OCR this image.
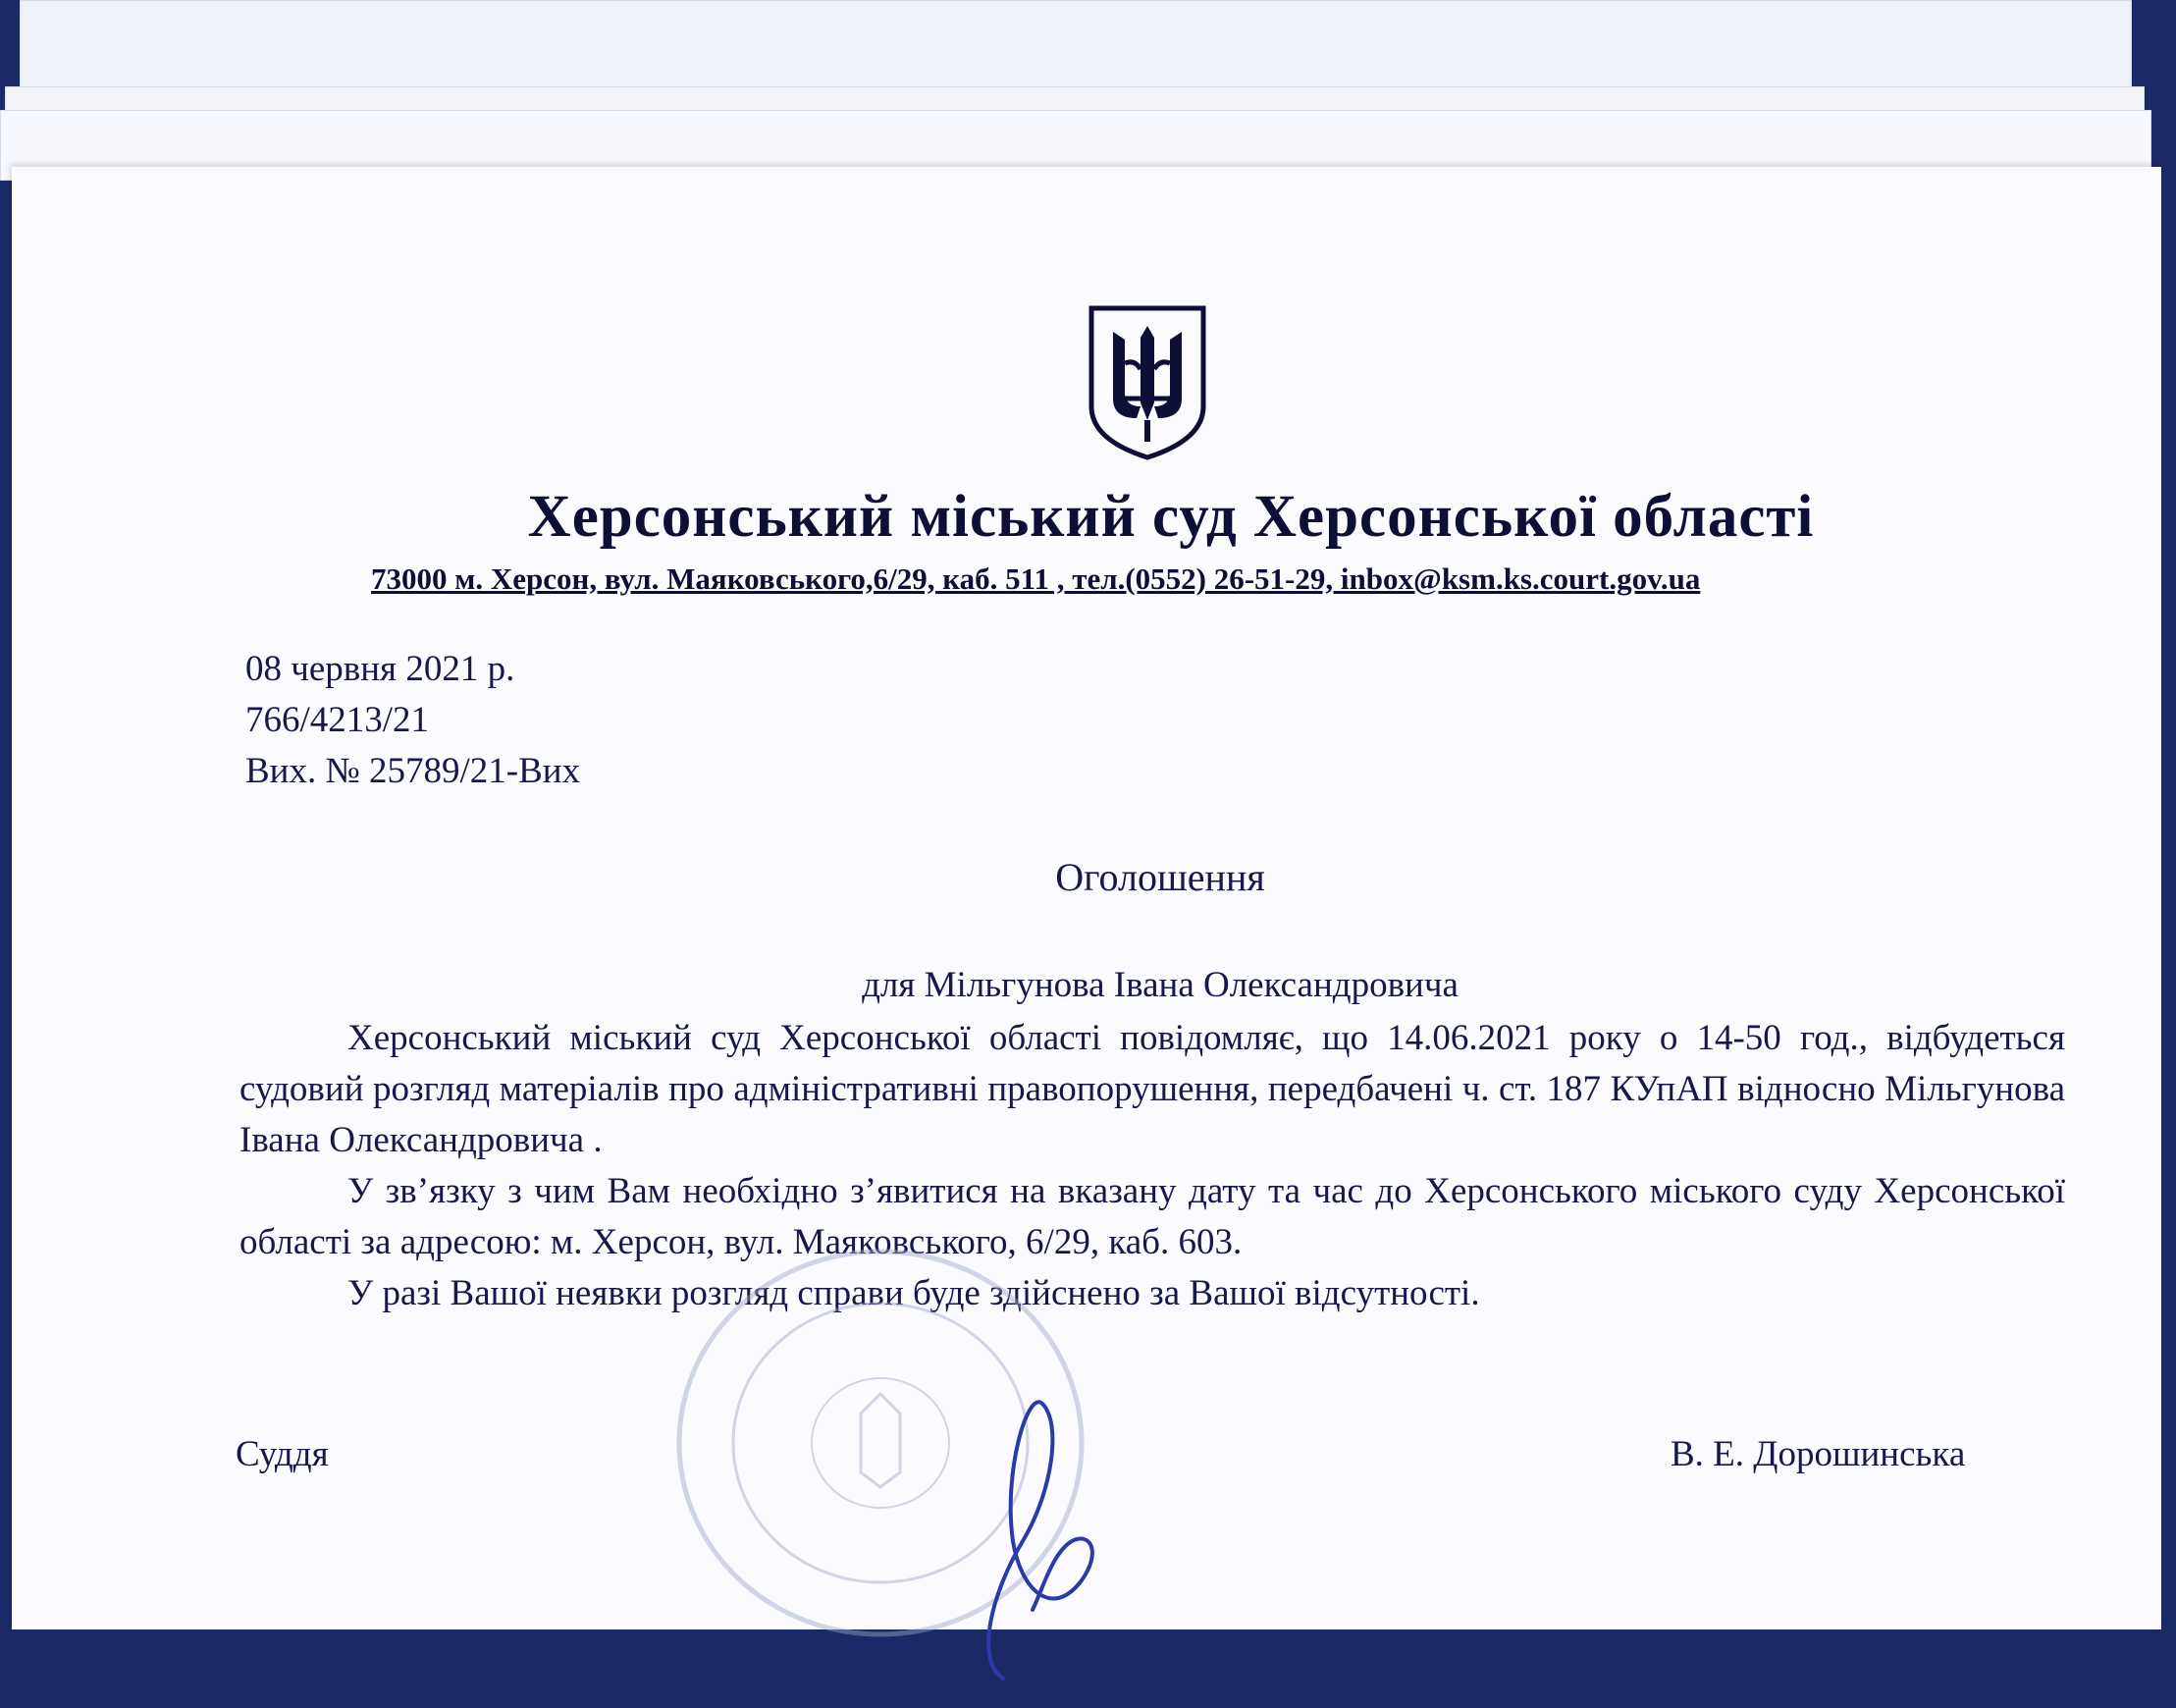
Херсонський міський суд Херсонської області
73000 м. Херсон, вул. Маяковського,6/29, каб. 511 , тел.(0552) 26-51-29, inbox@ksm.ks.court.gov.ua
08 червня 2021 р.
766/4213/21
Вих. № 25789/21-Вих
Оголошення
для Мільгунова Івана Олександровича

Херсонський міський суд Херсонської області повідомляє, що 14.06.2021 року о 14-50 год., відбудеться судовий розгляд матеріалів про адміністративні правопорушення, передбачені ч. ст. 187 КУпАП відносно Мільгунова Івана Олександровича .

У зв’язку з чим Вам необхідно з’явитися на вказану дату та час до Херсонського міського суду Херсонської області за адресою: м. Херсон, вул. Маяковського, 6/29, каб. 603.

У разі Вашої неявки розгляд справи буде здійснено за Вашої відсутності.

Суддя	В. Е. Дорошинська
